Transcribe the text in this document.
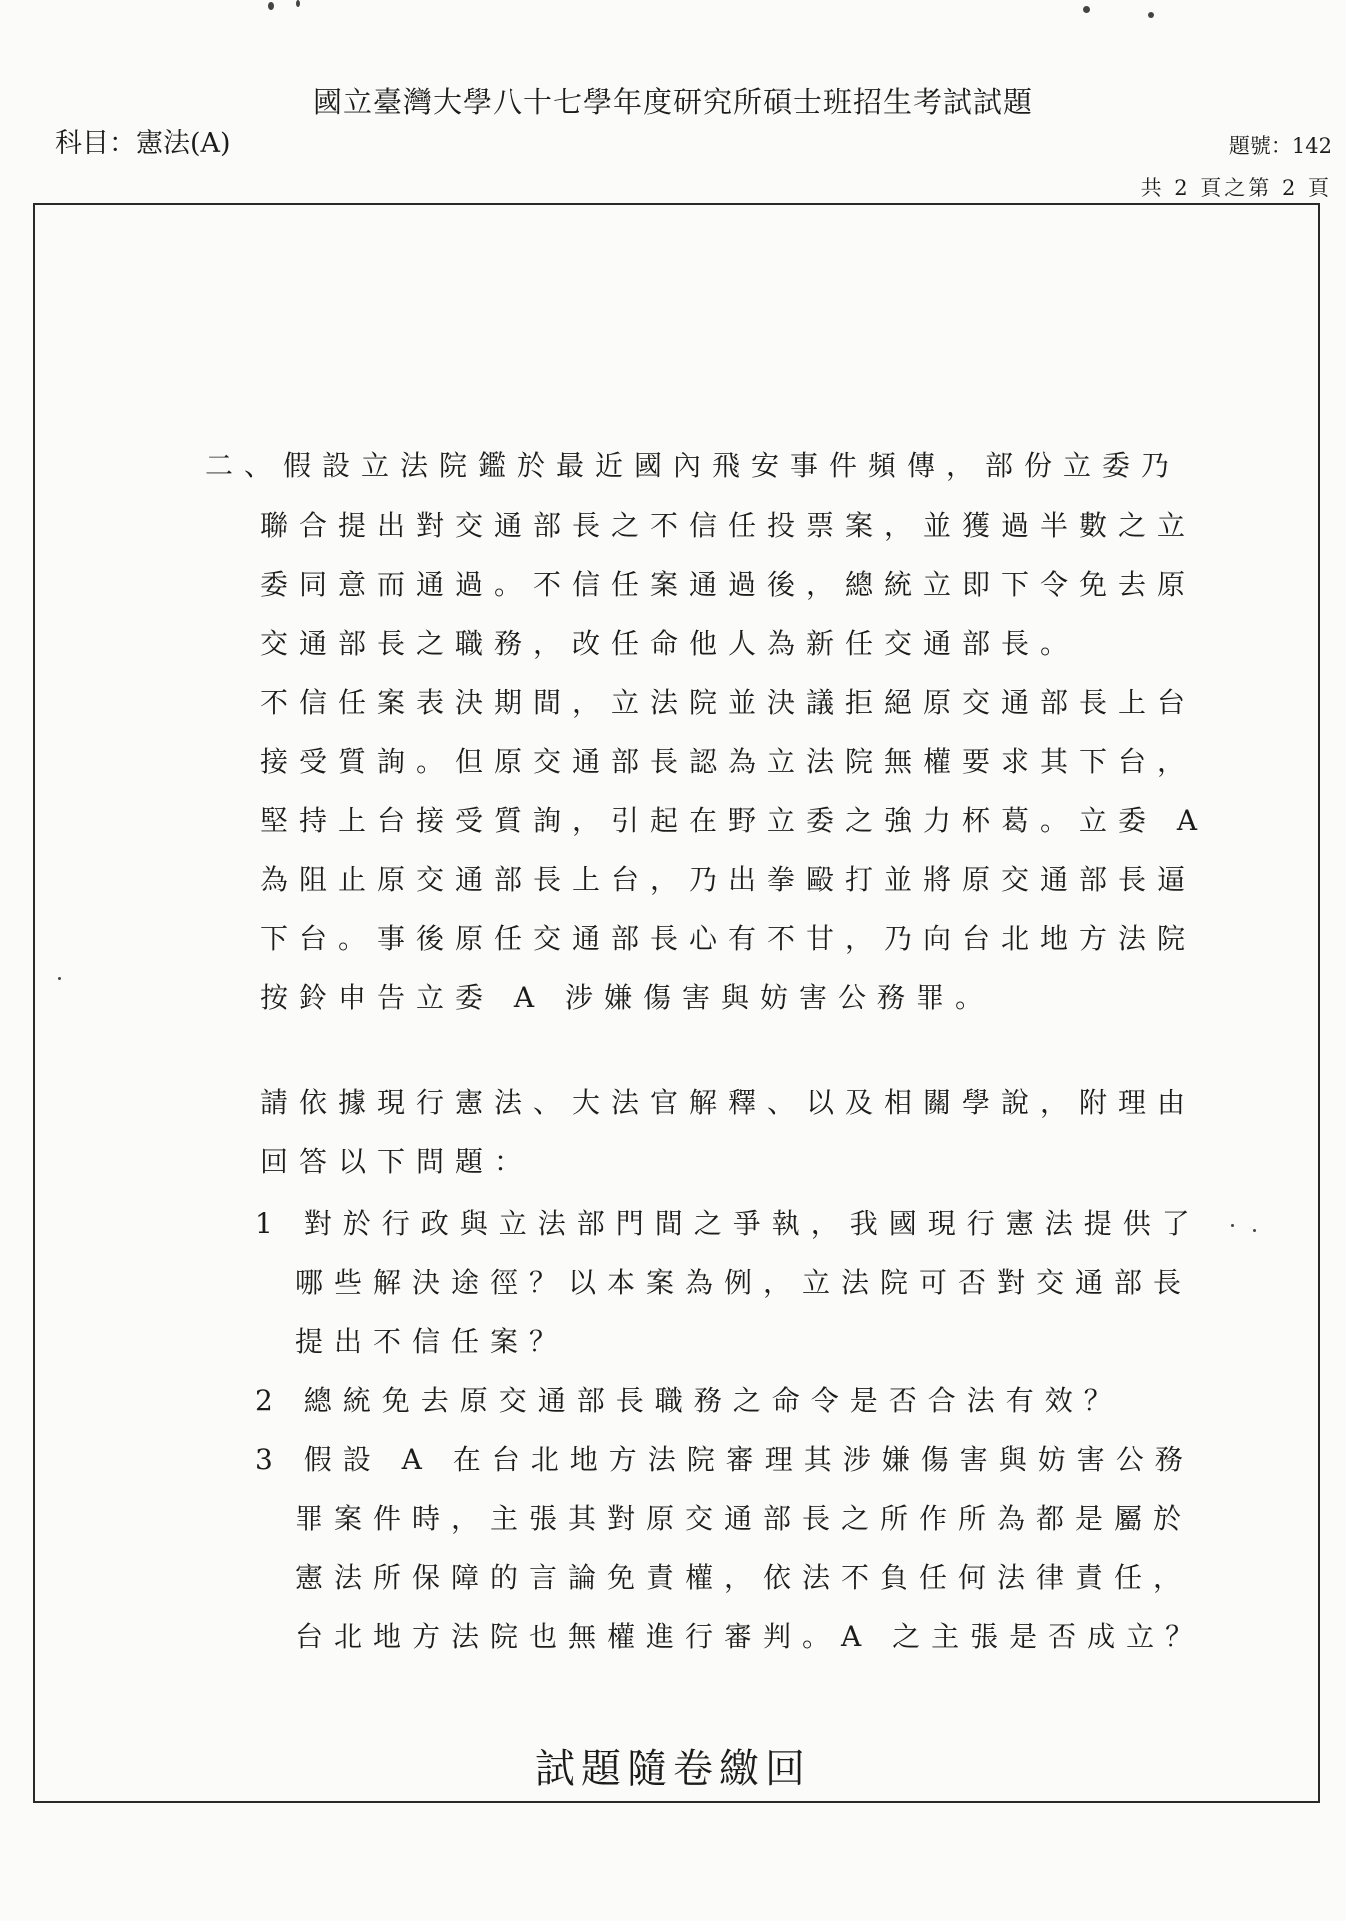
國立臺灣大學八十七學年度研究所碩士班招生考試試題
科目：憲法(A)	題號：142
共 2 頁之第 2 頁
二、假設立法院鑑於最近國內飛安事件頻傳，部份立委乃
聯合提出對交通部長之不信任投票案，並獲過半數之立
委同意而通過。不信任案通過後，總統立即下令免去原
交通部長之職務，改任命他人為新任交通部長。
不信任案表決期間，立法院並決議拒絕原交通部長上台
接受質詢。但原交通部長認為立法院無權要求其下台，
堅持上台接受質詢，引起在野立委之強力杯葛。立委 A
為阻止原交通部長上台，乃出拳毆打並將原交通部長逼
下台。事後原任交通部長心有不甘，乃向台北地方法院
按鈴申告立委 A 涉嫌傷害與妨害公務罪。
請依據現行憲法、大法官解釋、以及相關學說，附理由
回答以下問題：
1 對於行政與立法部門間之爭執，我國現行憲法提供了
哪些解決途徑？以本案為例，立法院可否對交通部長
提出不信任案？
2 總統免去原交通部長職務之命令是否合法有效？
3 假設 A 在台北地方法院審理其涉嫌傷害與妨害公務
罪案件時，主張其對原交通部長之所作所為都是屬於
憲法所保障的言論免責權，依法不負任何法律責任，
台北地方法院也無權進行審判。A 之主張是否成立？
試題隨卷繳回
